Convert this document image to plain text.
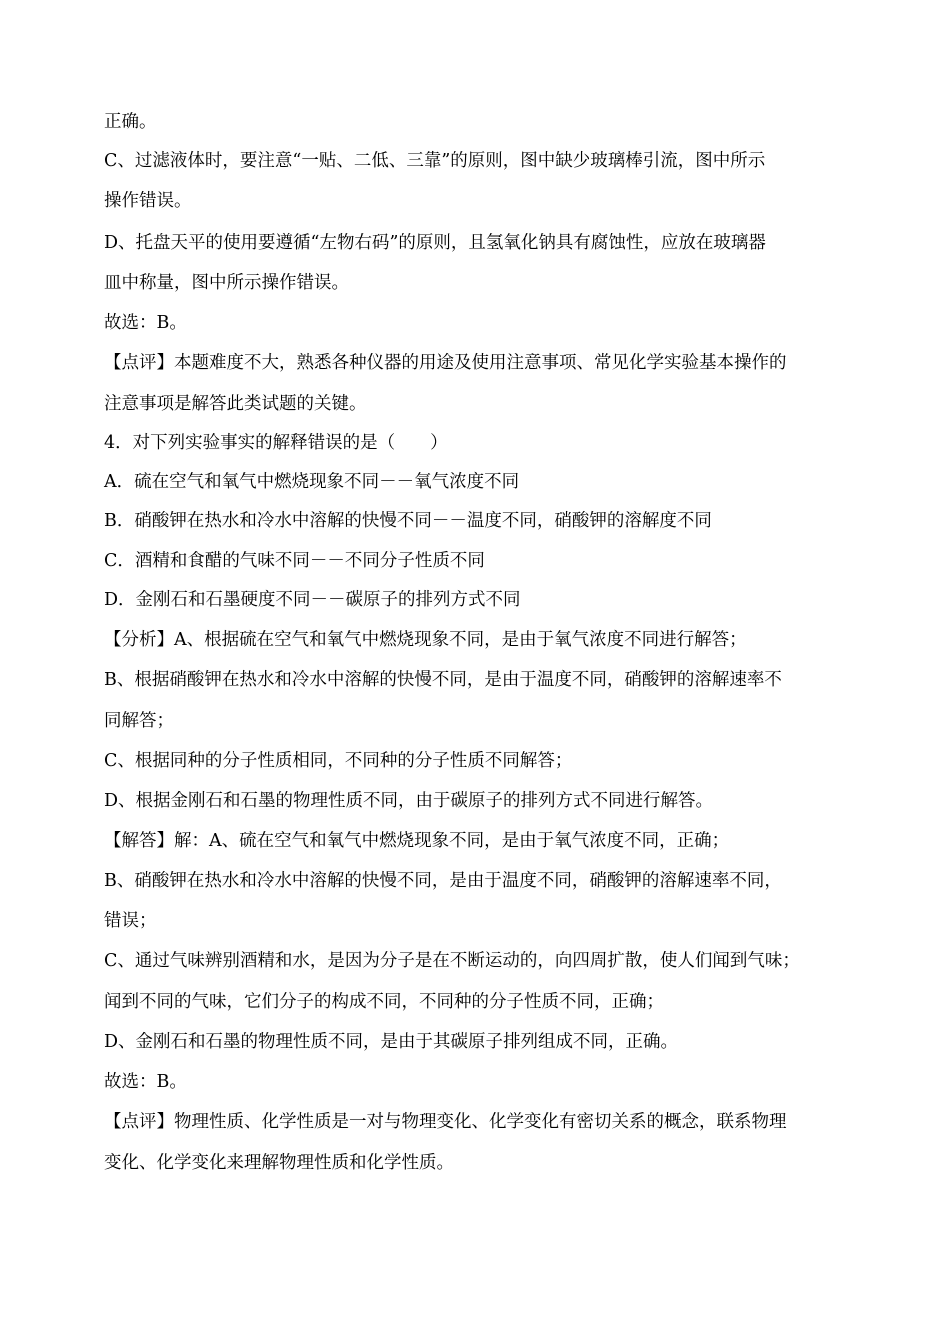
正确。
C、过滤液体时，要注意“一贴、二低、三靠”的原则，图中缺少玻璃棒引流，图中所示
操作错误。
D、托盘天平的使用要遵循“左物右码”的原则，且氢氧化钠具有腐蚀性，应放在玻璃器
皿中称量，图中所示操作错误。
故选：B。
【点评】本题难度不大，熟悉各种仪器的用途及使用注意事项、常见化学实验基本操作的
注意事项是解答此类试题的关键。
4．对下列实验事实的解释错误的是（　　）
A．硫在空气和氧气中燃烧现象不同－－氧气浓度不同
B．硝酸钾在热水和冷水中溶解的快慢不同－－温度不同，硝酸钾的溶解度不同
C．酒精和食醋的气味不同－－不同分子性质不同
D．金刚石和石墨硬度不同－－碳原子的排列方式不同
【分析】A、根据硫在空气和氧气中燃烧现象不同，是由于氧气浓度不同进行解答；
B、根据硝酸钾在热水和冷水中溶解的快慢不同，是由于温度不同，硝酸钾的溶解速率不
同解答；
C、根据同种的分子性质相同，不同种的分子性质不同解答；
D、根据金刚石和石墨的物理性质不同，由于碳原子的排列方式不同进行解答。
【解答】解：A、硫在空气和氧气中燃烧现象不同，是由于氧气浓度不同，正确；
B、硝酸钾在热水和冷水中溶解的快慢不同，是由于温度不同，硝酸钾的溶解速率不同，
错误；
C、通过气味辨别酒精和水，是因为分子是在不断运动的，向四周扩散，使人们闻到气味；
闻到不同的气味，它们分子的构成不同，不同种的分子性质不同，正确；
D、金刚石和石墨的物理性质不同，是由于其碳原子排列组成不同，正确。
故选：B。
【点评】物理性质、化学性质是一对与物理变化、化学变化有密切关系的概念，联系物理
变化、化学变化来理解物理性质和化学性质。
